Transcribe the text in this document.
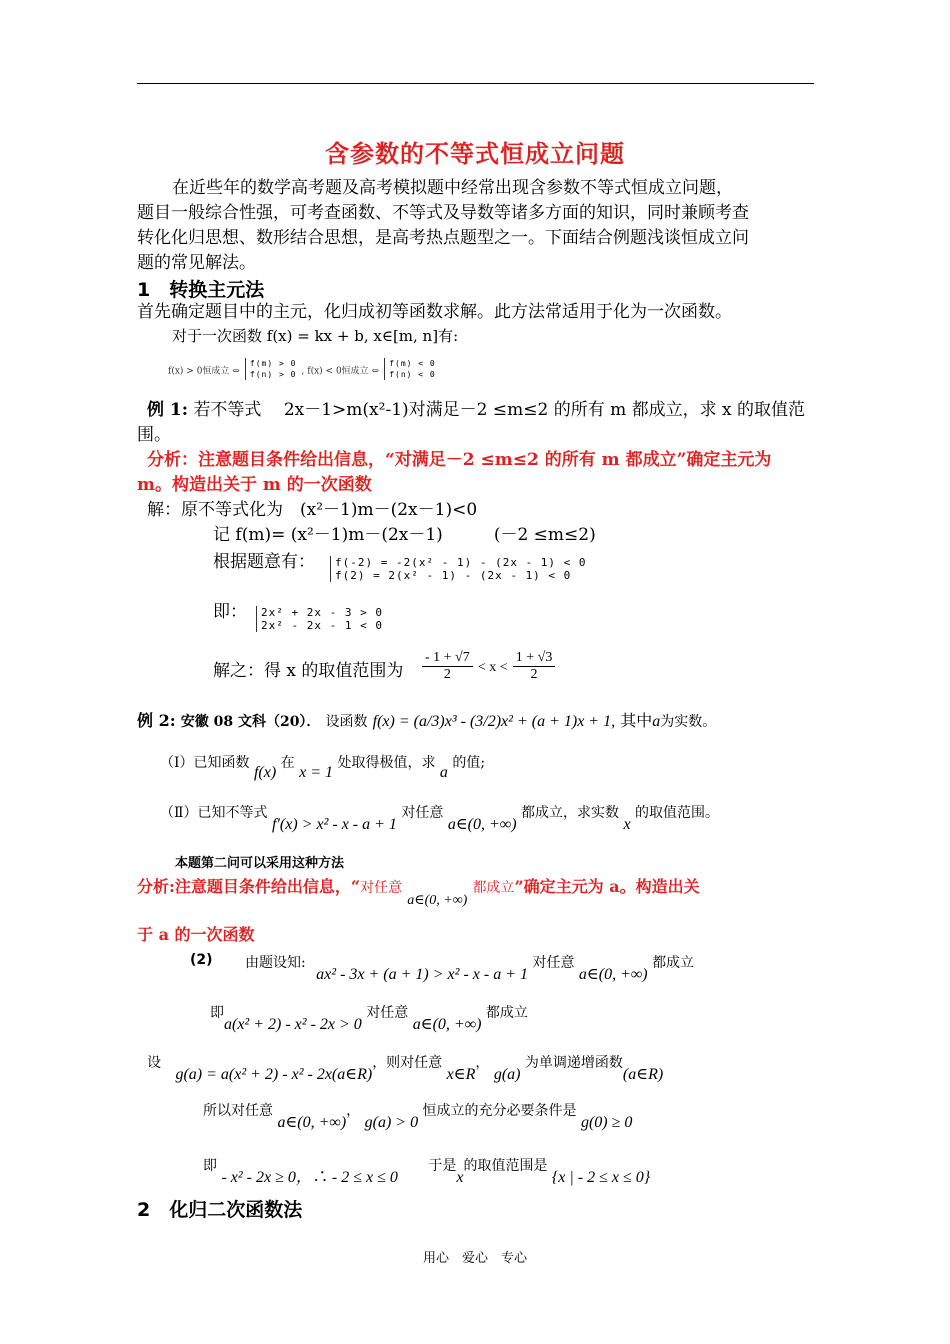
含参数的不等式恒成立问题
在近些年的数学高考题及高考模拟题中经常出现含参数不等式恒成立问题，
题目一般综合性强，可考查函数、不等式及导数等诸多方面的知识，同时兼顾考查
转化化归思想、数形结合思想，是高考热点题型之一。下面结合例题浅谈恒成立问
题的常见解法。
1　转换主元法
首先确定题目中的主元，化归成初等函数求解。此方法常适用于化为一次函数。
对于一次函数 f(x) = kx + b, x∈[m, n]有:
f(x) > 0恒成立 ⇔
f(m) > 0
f(n) > 0 , f(x) < 0恒成立 ⇔
f(m) < 0
f(n) < 0
例 1: 若不等式　 2x－1>m(x²-1)对满足－2 ≤m≤2 的所有 m 都成立，求 x 的取值范
围。
分析：注意题目条件给出信息，“对满足－2 ≤m≤2 的所有 m 都成立”确定主元为
m。构造出关于 m 的一次函数
解：原不等式化为　(x²－1)m－(2x－1)<0
记 f(m)= (x²－1)m－(2x－1)　　　(－2 ≤m≤2)
根据题意有： f(-2) = -2(x² - 1) - (2x - 1) < 0
f(2) = 2(x² - 1) - (2x - 1) < 0
即： 2x² + 2x - 3 > 0
2x² - 2x - 1 < 0
解之：得 x 的取值范围为 $\frac{- 1 + √7}{2} < x < \frac{1 + √3}{2}$
例 2: 安徽 08 文科（20）． 设函数 f(x) = (a/3)x³ - (3/2)x² + (a + 1)x + 1, 其中a为实数。
（Ⅰ）已知函数 f(x) 在 x = 1 处取得极值，求 a 的值;
（Ⅱ）已知不等式 f′(x) > x² - x - a + 1 对任意 a∈(0, +∞) 都成立，求实数 x 的取值范围。
本题第二问可以采用这种方法
分析:注意题目条件给出信息，“对任意 a∈(0, +∞) 都成立”确定主元为 a。构造出关
于 a 的一次函数
(2) 由题设知: ax² - 3x + (a + 1) > x² - x - a + 1 对任意 a∈(0, +∞) 都成立
即a(x² + 2) - x² - 2x > 0 对任意 a∈(0, +∞) 都成立
设 g(a) = a(x² + 2) - x² - 2x(a∈R)，则对任意 x∈R， g(a) 为单调递增函数(a∈R)
所以对任意 a∈(0, +∞)， g(a) > 0 恒成立的充分必要条件是 g(0) ≥ 0
即 - x² - 2x ≥ 0，∴ - 2 ≤ x ≤ 0 于是x的取值范围是 {x | - 2 ≤ x ≤ 0}
2　化归二次函数法
用心　爱心　专心
